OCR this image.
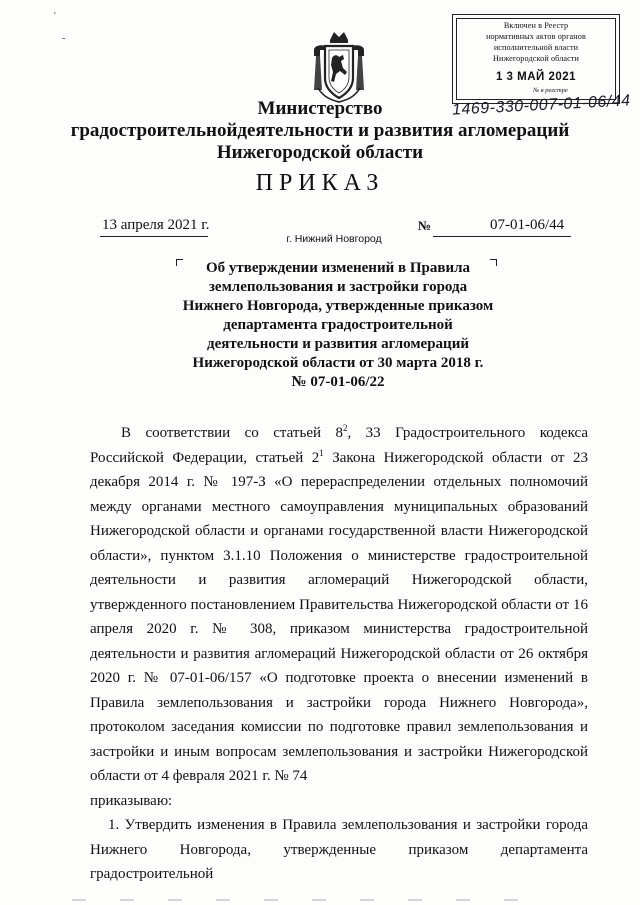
Включен в Реестр
нормативных актов органов
исполнительной власти
Нижегородской области
1 3 МАЙ 2021
№ в реестре
1469-330-007-01-06/44
Министерство
градостроительнойдеятельности и развития агломераций
Нижегородской области
ПРИКАЗ
13 апреля 2021 г.	№	07-01-06/44
г. Нижний Новгород
Об утверждении изменений в Правила
землепользования и застройки города
Нижнего Новгорода, утвержденные приказом
департамента градостроительной
деятельности и развития агломераций
Нижегородской области от 30 марта 2018 г.
№ 07-01-06/22

В соответствии со статьей $8^2$, 33 Градостроительного кодекса Российской Федерации, статьей $2^1$ Закона Нижегородской области от 23 декабря 2014 г. № 197-З «О перераспределении отдельных полномочий между органами местного самоуправления муниципальных образований Нижегородской области и органами государственной власти Нижегородской области», пунктом 3.1.10 Положения о министерстве градостроительной деятельности и развития агломераций Нижегородской области, утвержденного постановлением Правительства Нижегородской области от 16 апреля 2020 г. № 308, приказом министерства градостроительной деятельности и развития агломераций Нижегородской области от 26 октября 2020 г. № 07-01-06/157 «О подготовке проекта о внесении изменений в Правила землепользования и застройки города Нижнего Новгорода», протоколом заседания комиссии по подготовке правил землепользования и застройки и иным вопросам землепользования и застройки Нижегородской области от 4 февраля 2021 г. № 74

приказываю:

1. Утвердить изменения в Правила землепользования и застройки города Нижнего Новгорода, утвержденные приказом департамента градостроительной

'
-
